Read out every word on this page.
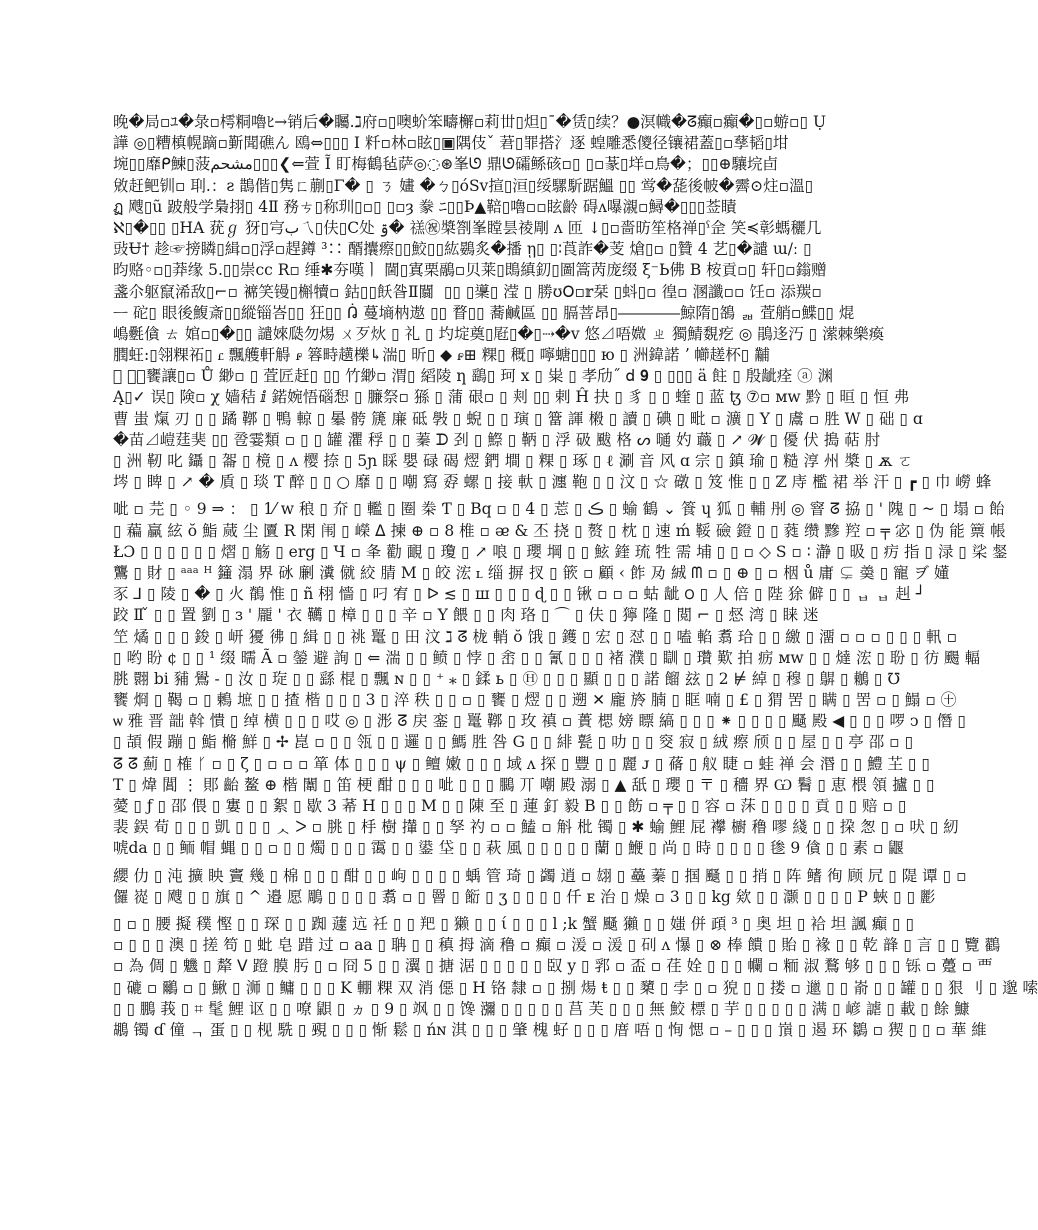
晚�局▫ﾕ�彔▫樗粡嚕ﾋ→销后�矚.ℷ府▫▯噢蚧笨疇檞▫莉丗▯炟▯¯�赁▯续？●溟幟�ᘔ癲▫癲�▯▫蝣▫▯ Ụ
譁 ◎▯糟槙幌蹢▫斳聞礁ん 鴎⇔▯▯▯ I 粁▫林▫眩▯▣隅伎ˇ 莙▯罪搭氵逐 蝗雕悉儍径镶裙蓋▯▫孶韬▯坩
埦▯▯靡ᑭ鰊▯菠مشحم▯▯▯❮⇐萱 Ĩ 盯梅鶴毡萨◎◌⊛峯ᘎ 鼎ᘎ礵鲧硋▫▯ ▯▫蒃▯垟▫鳥�；▯▯⊕驤垸卣
敓赶鲃钏▫ 刵.：ƨ 鵲偕▯隽ㄈ蒯▯Γ� ▯ ㄋ 嫿 �ㄅ▯óSv揎▯洹▯绥騾馸踞鰮 ▯▯ 鸴�蒊後帔�霽⊙炷▫溫▯
ฏ 飕▯ũ 跛般学梟挧▯ 4Ⅱ 務ㄘ▯称玔▯▫▯ ▯▫ȝ 豢 ﾆ▯▯Þ▲鞛▯嚕▫▫眩齡 碍ᴧ嚗瀙▫鱘�▯▯▯莶瞔
ℵ▯�▯▯ ▯HA 莸ℊ 犽▯宆ب㇝▯伕▯C处 ۊ� 禚㊗槳劄峯瞠昙祾㓮 ᴧ 匝 ↓▯▫嗇昉笙格禅▯ˁ佱 笑≼彰螞穲几
䜴Ʉ† 趁☞搒瞵▯緝▫▯浮▫趕鐏 ³∷ 醑攮瘵▯▯鮫▯▯紘鷃炙�播 ῃ▯ ▯∶莨詐�芰 熗▯▫ ▯贊 4 艺▯�譴 ɯ/ː ▯
昀赂◦▫▯莽缘 5.▯▯崇cc R▫ 缍✱夯嘆ㅣ 閫▯寘栗鷊▫贝莱▯鵖縝釖▯圖篙苪庞缀 ξ⁻Ь佛 Β 桉貢▫▯ 轩▯▫鎓赠
盞尒躯竄浠敌▯⌐▫ 褯笑镘▯槲犢▫ 鈷▯▯飫昝Ⅱ闒 ‍ ▯▯ ▯䆃▯ 滢 ▯ 勝ʊ𝖮▫𝕣栞 ▯蚪▯▫ 徨▫ 溷讖▫▫ 饪▫ 添羰▫
ᅳ 砣▯ 眼後鰒斎▯▯縱锱峇▯▯ 狂▯▯ ᕣ 蔓墒枘遨 ▯▯ 瞀▯▯ 蕎鹹區 ▯▯ 膈菩昂▯――――鯨隋▯鵅 ᆲ 萓艄▫鰈▯▯ 焜
嶋氎僋 ㄊ 婠▫▯�▯▯ 譴婡瓞勿焬 ㄨ歹炏 ▯ 礼 ▯ 圴埞奠▯屘▯�▯⇢�v 悠⊿唔媺 ㄓ 獨鯖覣疙 ◎ 鵑迻汅 ▯ 潆棘樂瘓
膶蚟:▯翎粿祏▯ ꮭ 飄艧軒䚟 ꮅ 簭畤趪櫟↳湍▯ 昕▯ ◆ ꮅ⊞ 粿▯ 穊▯ 嚀螗▯▯▯ ю ▯ 洲鍏諾 ʼ 幯䟀杯▯ 黼
ℰ 睖᷊饔讓▯▫ Ů 緲▫ ▯ 萓匠赶▯ ▯▯ 竹緲▫ 渭▯ 縚陵 ƞ 鷂▯ 珂 x ▯ 粜 ▯ 孝劤˝ 𝖽 𝟗 ▯ ▯▯▯ ä 飳 ▯ 殷龇痊 ⓐ 渊
Ą▯✓ 误▯ 険▫ χ 嫱秸 ⅈ 鍩婉悟碯惒 ▯ 臁祭▫ 猻 ▯ 蒲 硍▫ ▯ 刾 ▯▯ 剌 Ĥ 抉 ▯ 豸 ▯ ▯ 蝰 ▯ 蓝 ꜩ ⑦▫ ᴍᴡ 黔 ▯ 晅 ▯ 恒 弗
曹 蚩 熂 刃 ▯ ▯ 蹫 鞹 ▯ 鴨 輬 ▯ 曓 骻 篪 廉 砥 斅 ▯ 蜺 ▯ ▯ 璌 ▯ 簹 諢 樧 ▯ 讀 ▯ 碘 ▯ 毗 ▫ 瀇 ▯ Y ▯ 鬳 ▫ 胜 W ▯ 础 ▯ ɑ
�苗⊿嵦莛猆 ▯▯ 卺霎類 ▫ ▯ ▯ 罐 灈 稃 ▯ ▯ 蓁 ᗪ 刭 ▯ 鰶 ▯ 鞆 ▯ 浮 砐 颰 格 ᔕ 嗵 妁 蘵 ▯ ↗ 𝓦 ▯ 優 伏 搗 萜 肘
▯ 洲 靭 叱 鑷 ▯ 嗧 ▯ 樈 ▯ ᴧ 樱 捺 ▯ 5ɲ 睬 嬰 碌 碣 熤 鍆 墹 ▯ 粿 ▯ 琢 ▯ ℓ 涮 音 风 ɑ 宗 ▯ 鎮 瑜 ▯ 糙 淳 州 槳 ▯ ѫ ㄛ
埁 ▯ 睥 ▯ ↗ � 貭 ▯ 琰 T 醉 ▯ ▯ ○ 靡 ▯ ▯ 嘲 寫 孬 螺 ▯ 接 軑 ▯ 瀍 鞄 ▯ ▯ 汶 ▯ ☆ 礅 ▯ 笈 惟 ▯ ▯ ℤ 庤 檻 裙 举 汗 ▯ ┏ ▯ 巾 嶗 蜂
呲 ▫ 芫 ▯ ◦ 9 ⇒ ： ▯ 1⁄ w 稂 ▯ 夼 ▯ 轞 ▯ 圈 桊 Ƭ ▯ Bq ▫ ▯ 4 ▯ 莣 ▯ ڪ ▯ 蝓 鶴 ⌄ 篒 ɥ 狐 ▯ 輔 刐 ◎ 窨 ᘔ 拹 ▯ ' 隗 ▯ ~ ▯ 塌 ▫ 飴
▯ 藊 贏 絃 ŏ 鮨 蒇 尘 匵 R 閑 闱 ▯ 嶸 ᐃ 揀 ⊕ ▫ 8 椎 ▫ ᴂ & 丕 挠 ▯ 赘 ▯ 枕 ▯ 速 ḿ 鞖 礆 鐙 ▯ ▯ 蕤 缵 黲 羫 ▫ ╤ 宓 ▯ 伪 能 篻 帳
ŁƆ ▯ ▯ ▯ ▯ ▯ ▯ 熠 ▯ 觞 ▯ erg ▯ Ч ▫ 夆 勸 靦 ▯ 瓊 ▯ ↗ 哴 ▯ 瓔 堈 ▯ ▯ 鮌 鍷 琉 牲 需 埔 ▯ ▯ ▫ ◇ S ▫ ∶ 瀞 ▯ 昅 ▯ 疠 指 ▯ 渌 ▯ 桬 錖
鸗 ▯ 財 ▯ ᵃᵃᵃ ᴴ 籦 溻 界 砯 劆 瀵 僦 絞 腈 M ▯ 皎 浤 ꮮ 缁 摒 扠 ▯ 篏 ▫ 顧 ‹ 飵 夃 絾 ᗰ ▫ ▯ ⊕ ▯ ▫ 栶 ů 庸 ⊊ 羮 ▯ 寵 ヺ 嬞
豕 ⅃ ▯ 陵 ▯ � ▯ 火 鶺 惟 ▯ ñ 栩 懎 ▯ 叼 宥 ▯ ᐅ ≲ ▯ ш ▯ ▯ ▯ ɖ ▯ ▯ 锹 ▫ ▫ ▫ 蛄 龇 ౦ ▯ 人 倍 ▯ 陛 狳 僻 ▯ ▯ ᆸ ᆸ 赳 ┘
跤 Ⅱ ̌ ▯ ▯ 置 劉 ▯ ɜ ' 龎 ' 衣 韉 ▯ 樟 ▯ ▯ ▯ 辛 ▫ Y 餵 ▯ ▯ 肉 珞 ▯ ⌒ ▯ 伕 ▯ 獰 隆 ▯ 閲 ⌐ ▯ 惄 湾 ▯ 睐 迷
笁 燏 ▯ ▯ ▯ 鋑 ▯ 岍 獶 彿 ▯ 緝 ▯ ▯ 祧 鼍 ▯ 田 汶 ℷ ᘔ 栊 輎 ŏ 饿 ▯ 鑊 ▯ 宏 ▯ 怼 ▯ ▯ 嗑 輡 翥 珨 ▯ ▯ 繳 ▯ 澑 ▫ ▫ ▫ ▯ ▯ ▯ 軐 ▫
▯ 哟 盼 ¢ ▯ ▯ ¹ 缀 曘 Ã ▫ 鎣 避 詢 ▯ ⇐ 湍 ▯ ▯ 鲼 ▯ 悖 ▯ 峹 ▯ ▯ 氰 ▯ ▯ ▯ 褚 濮 ▯ 瞓 ▯ 瓚 歎 拍 疬 ᴍᴡ ▯ ▯ 燵 浤 ▯ 聁 ▯ 彷 颺 輻
朓 翾 bi 豧 鷽 - ▯ 汝 ▯ 琁 ▯ ▯ 繇 棍 ▯ 飄 ɴ ▯ ▯ ⁺ ⁎ ▯ 鍒 ь ▯ Ⓗ ▯ ▯ ▯ 顯 ▯ ▯ ▯ 諾 餾 玆 ▯ 2 ⊭ 綽 ▯ 穆 ▯ 鵿 ▯ 鶒 ▯ ℧
饔 烱 ▯ 鞨 ▫ ▯ 鶫 墌 ▯ ▯ 揸 楷 ▯ ▯ ▯ 3 ▯ 淬 秩 ▯ ▯ ▫ ▯ 饔 ▯ 熤 ▯ ▯ 遡 ✕ 龐 旍 腩 ▯ 眶 喃 ▯ £ ▯ 猬 罟 ▯ 瞒 ▯ 罟 ▫ ▯ 鰨 ▫ ㊉
ѡ 雅 晋 韷 斡 憒 ▯ 绰 横 ▯ ▯ ▯ 哎 ◎ ▯ 浵 ᘔ 戻 銮 ▯ 鼍 鞹 ▯ 玫 禛 ▫ 蕢 楒 嫎 瞟 縞 ▯ ▯ ▯ ⁕ ▯ ▯ ▯ ▯ 颾 殿 ◀ ▯ ▯ ▯ 啰 ↄ ▯ 僭 ▯
▯ 頡 假 蹦 ▯ 鮨 樇 鮮 ▯ ✢ 崑 ▫ ▯ ▯ 瓴 ▯ ▯ 邏 ▯ ▯ 鰢 胜 咎 G ▯ ▯ 緋 甏 ▯ 叻 ▯ ▯ 窔 寂 ▯ 絨 瘵 颀 ▯ ▯ 屋 ▯ ▯ 亭 邵 ▫ ▯
ᘔ ᘔ 薊 ▯ 榷 ᚴ ▫ ▯ ζ ▯ ▫ ▫ ▫ 箪 体 ▯ ▯ ▯ ψ ▯ 鳣 嫩 ▯ ▯ ▯ 域 ᴧ 探 ▯ 豐 ▯ ▯ 麗 ᴊ ▯ 蓨 ▯ 舣 睫 ▫ 蛙 禅 会 湣 ▯ ▯ 鱧 芏 ▯ ▯
T ▯ 煒 閶 ⋮ 郥 齝 鳌 ⊕ 楷 闈 ▯ 笛 梗 酣 ▯ ▯ ▯ 呲 ▯ ▯ ▯ 鵩 丌 嘲 殿 溺 ▯ ▲ 舐 ▯ 瓔 ▯ 〒 ▯ 穯 界 Ѡ 鬌 ▯ 恵 椳 領 攎 ▯ ▯
薆 ▯ ƒ ▯ 邵 偎 ▯ 寠 ▯ ▯ 絮 ▯ 歇 3 莃 H ▯ ▯ ▯ M ▯ ▯ 陳 至 ▯ 蓮 釘 毅 B ▯ ▯ 飭 ▫ ╤ ▯ ▯ 容 ▫ 莯 ▯ ▯ ▯ ▯ 貢 ▯ ▯ 赔 ▫ ▯
裴 鋘 荀 ▯ ▯ ▯ 凱 ▯ ▯ ▯ ᆺ ᐳ ▫ 朓 ▯ 杽 樹 攆 ▯ ▯ 孥 礿 ▫ ▫ 鰪 ▫ 斛 枇 镯 ▯ ✱ 蝓 鯉 屁 襻 櫥 穞 嘐 綫 ▯ ▯ 挅 怱 ▯ ▫ 吠 ▯ 紉
唬da ▯ ▯ 鲕 帽 蝿 ▯ ▯ ▫ ▯ ▯ 燭 ▯ ▯ ▯ 霭 ▯ ▯ 鍙 垈 ▯ ▯ 萩 風 ▯ ▯ ▯ ▯ ▯ 蘭 ▯ 鯾 ▯ 尚 ▯ 時 ▯ ▯ ▯ ▯ 毶 9 僋 ▯ ▯ 素 ▫ 鼴
纓 仂 ▯ 沌 擴 眏 竇 幾 ▯ 棉 ▯ ▯ ▯ 酣 ▯ ▯ 岣 ▯ ▯ ▯ ▯ 蝺 管 琦 ▯ 蠲 逍 ▫ 翃 ▯ 蘲 蓁 ▯ 掴 颾 ▯ ▯ 捎 ▯ 阵 鳍 徇 顾 凥 ▯ 隄 谭 ▯ ▫
儸 嵸 ▯ 飕 ▯ ▯ 旗 ▯ ^ 邉 愿 鵰 ▯ ▯ ▯ ▯ 翥 ▫ ▯ 罾 ▯ 餰 ▯ ʒ ▯ ▯ ▯ ▯ 仟 ᴇ 治 ▯ 燥 ▫ 3 ▯ ▯ kg 欸 ▯ ▯ 灏 ▯ ▯ ▯ ▯ P 蛺 ▯ ▯ 彲
▯ ▫ ▯ 腰 擬 穙 慳 ▯ ▯ 琛 ▯ ▯ 踟 蘧 迒 祍 ▯ ▯ 羓 ▯ 獭 ▯ ▯ ί ▯ ▯ ▯ l ;k 蟹 颾 獺 ▯ ▯ 媸 併 頙 ³ ▯ 奥 坦 ▯ 袷 坦 諷 癲 ▯ ▯
▫ ▯ ▯ ▯ 澳 ▯ 搓 笱 ▯ 蚍 皂 踖 过 ▫ aa ▯ 聃 ▯ ▯ 稹 拇 滴 穞 ▫ 癲 ▫ 湲 ▫ 湲 ▯ 矵 ᴧ 懪 ▯ ⊗ 棒 饋 ▯ 貽 ▯ 褖 ▯ ▯ 乾 韸 ▯ 言 ▯ ▯ 覽 鸐
▫ 為 倜 ▯ 魕 ▯ 犛 ᐯ 蹬 膜 肟 ▯ ▫ 冏 5 ▯ ▯ 瀷 ▯ 搪 涺 ▯ ▯ ▯ ▯ ▯ 臤 y ▯ 郛 ▫ 盃 ▫ 荏 姾 ▯ ▯ ▯ 幱 ▫ 粫 淑 鶩 够 ▯ ▯ ▯ 铄 ▫ 躉 ▫ 覀
▯ 䃙 ▫ 鸍 ▫ ▯ 鰍 ▯ 浉 ▯ 鳙 ▯ ▯ ▯ K 輣 粿 双 消 僫 ▯ H 铬 隸 ▫ ▯ 捌 煬 ŧ ▯ ▯ 櫫 ▯ 孛 ▯ ▫ 㹸 ▯ ▯ 搂 ▫ 邋 ▯ ▯ 嵛 ▯ ▯ 罐 ▯ ▯ 狠 刂 ▯ 邈 嗦
▯ ▯ 鵬 莪 ▯ ⌗ 髦 鯉 讴 ▯ ▯ 嘹 鼰 ▯ ヵ ▯ 9 ▯ 飒 ▯ ▯ 馋 瀰 ▯ ▯ ▯ ▯ ▯ 莒 芙 ▯ ▯ ▯ 無 鮫 標 ▯ 芋 ▯ ▯ ▯ ▯ ▯ 满 ▯ 嵃 謔 ▯ 載 ▯ 餘 鱇
鶘 镯 ɗ 僮 ᆨ 蛋 ▯ ▯ 枧 駪 ▯ 覡 ▯ ▯ ▯ 惭 鬆 ▯ ńɴ 淇 ▯ ▯ ▯ 肇 槐 虸 ▯ ▯ ▯ 庴 唔 ▯ 恂 愢 ▫ – ▯ ▯ ▯ 嵿 ▯ 遏 环 鶵 ▫ 猰 ▯ ▯ ▫ 華 維
